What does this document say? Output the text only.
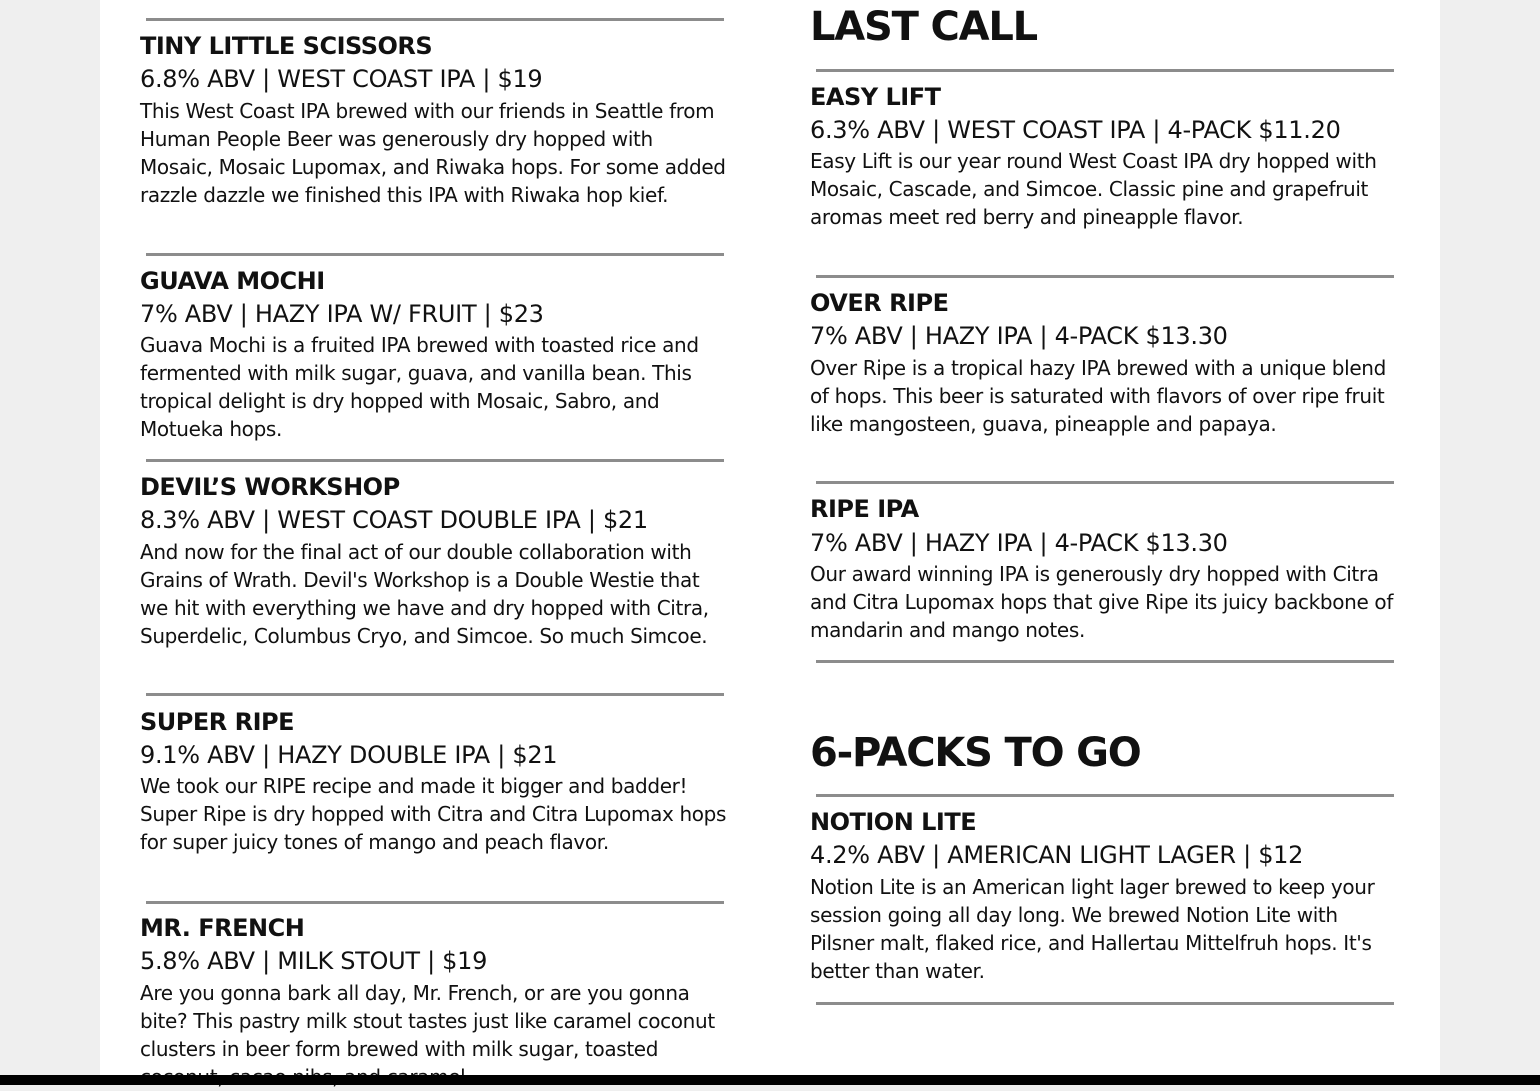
TINY LITTLE SCISSORS

6.8% ABV | WEST COAST IPA | $19

This West Coast IPA brewed with our friends in Seattle from Human People Beer was generously dry hopped with Mosaic, Mosaic Lupomax, and Riwaka hops. For some added razzle dazzle we finished this IPA with Riwaka hop kief.

GUAVA MOCHI

7% ABV | HAZY IPA W/ FRUIT | $23

Guava Mochi is a fruited IPA brewed with toasted rice and fermented with milk sugar, guava, and vanilla bean. This tropical delight is dry hopped with Mosaic, Sabro, and Motueka hops.

DEVIL’S WORKSHOP

8.3% ABV | WEST COAST DOUBLE IPA | $21

And now for the final act of our double collaboration with Grains of Wrath. Devil's Workshop is a Double Westie that we hit with everything we have and dry hopped with Citra, Superdelic, Columbus Cryo, and Simcoe. So much Simcoe.

SUPER RIPE

9.1% ABV | HAZY DOUBLE IPA | $21

We took our RIPE recipe and made it bigger and badder! Super Ripe is dry hopped with Citra and Citra Lupomax hops for super juicy tones of mango and peach flavor.

MR. FRENCH

5.8% ABV | MILK STOUT | $19

Are you gonna bark all day, Mr. French, or are you gonna bite? This pastry milk stout tastes just like caramel coconut clusters in beer form brewed with milk sugar, toasted

LAST CALL
EASY LIFT

6.3% ABV | WEST COAST IPA | 4-PACK $11.20

Easy Lift is our year round West Coast IPA dry hopped with Mosaic, Cascade, and Simcoe. Classic pine and grapefruit aromas meet red berry and pineapple flavor.

OVER RIPE

7% ABV | HAZY IPA | 4-PACK $13.30

Over Ripe is a tropical hazy IPA brewed with a unique blend of hops. This beer is saturated with flavors of over ripe fruit like mangosteen, guava, pineapple and papaya.

RIPE IPA

7% ABV | HAZY IPA | 4-PACK $13.30

Our award winning IPA is generously dry hopped with Citra and Citra Lupomax hops that give Ripe its juicy backbone of mandarin and mango notes.

6-PACKS TO GO
NOTION LITE

4.2% ABV | AMERICAN LIGHT LAGER | $12

Notion Lite is an American light lager brewed to keep your session going all day long. We brewed Notion Lite with Pilsner malt, flaked rice, and Hallertau Mittelfruh hops. It's better than water.
